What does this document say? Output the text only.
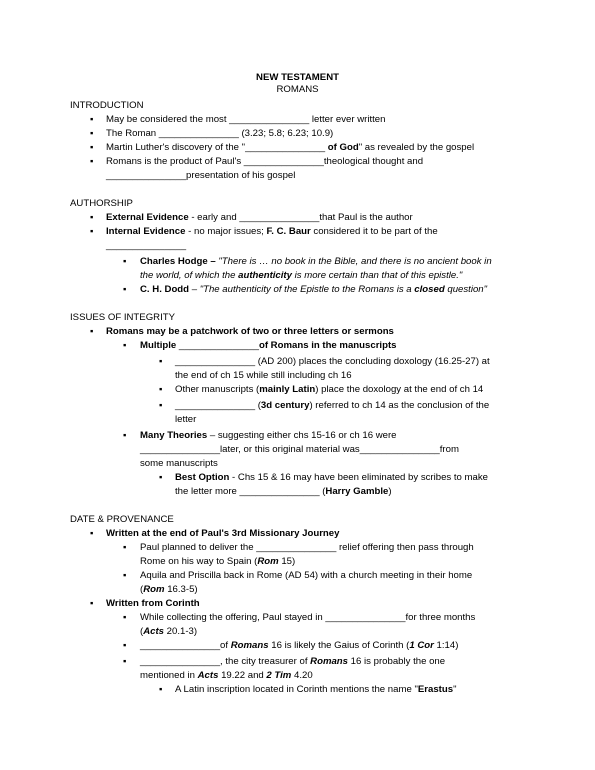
NEW TESTAMENT
ROMANS
INTRODUCTION
▪ May be considered the most _______________ letter ever written
▪ The Roman _______________ (3.23; 5.8; 6.23; 10.9)
▪ Martin Luther's discovery of the "_______________ of God" as revealed by the gospel
▪ Romans is the product of Paul's _______________theological thought and
_______________presentation of his gospel
AUTHORSHIP
▪ External Evidence - early and _______________that Paul is the author
▪ Internal Evidence - no major issues; F. C. Baur considered it to be part of the
_______________
▪ Charles Hodge – "There is … no book in the Bible, and there is no ancient book in
the world, of which the authenticity is more certain than that of this epistle."
▪ C. H. Dodd – "The authenticity of the Epistle to the Romans is a closed question"
ISSUES OF INTEGRITY
▪ Romans may be a patchwork of two or three letters or sermons
▪ Multiple _______________of Romans in the manuscripts
▪ _______________ (AD 200) places the concluding doxology (16.25-27) at
the end of ch 15 while still including ch 16
▪ Other manuscripts (mainly Latin) place the doxology at the end of ch 14
▪ _______________ (3d century) referred to ch 14 as the conclusion of the
letter
▪ Many Theories – suggesting either chs 15-16 or ch 16 were
_______________later, or this original material was_______________from
some manuscripts
▪ Best Option - Chs 15 & 16 may have been eliminated by scribes to make
the letter more _______________ (Harry Gamble)
DATE & PROVENANCE
▪ Written at the end of Paul's 3rd Missionary Journey
▪ Paul planned to deliver the _______________ relief offering then pass through
Rome on his way to Spain (Rom 15)
▪ Aquila and Priscilla back in Rome (AD 54) with a church meeting in their home
(Rom 16.3-5)
▪ Written from Corinth
▪ While collecting the offering, Paul stayed in _______________for three months
(Acts 20.1-3)
▪ _______________of Romans 16 is likely the Gaius of Corinth (1 Cor 1:14)
▪ _______________, the city treasurer of Romans 16 is probably the one
mentioned in Acts 19.22 and 2 Tim 4.20
▪ A Latin inscription located in Corinth mentions the name "Erastus"
